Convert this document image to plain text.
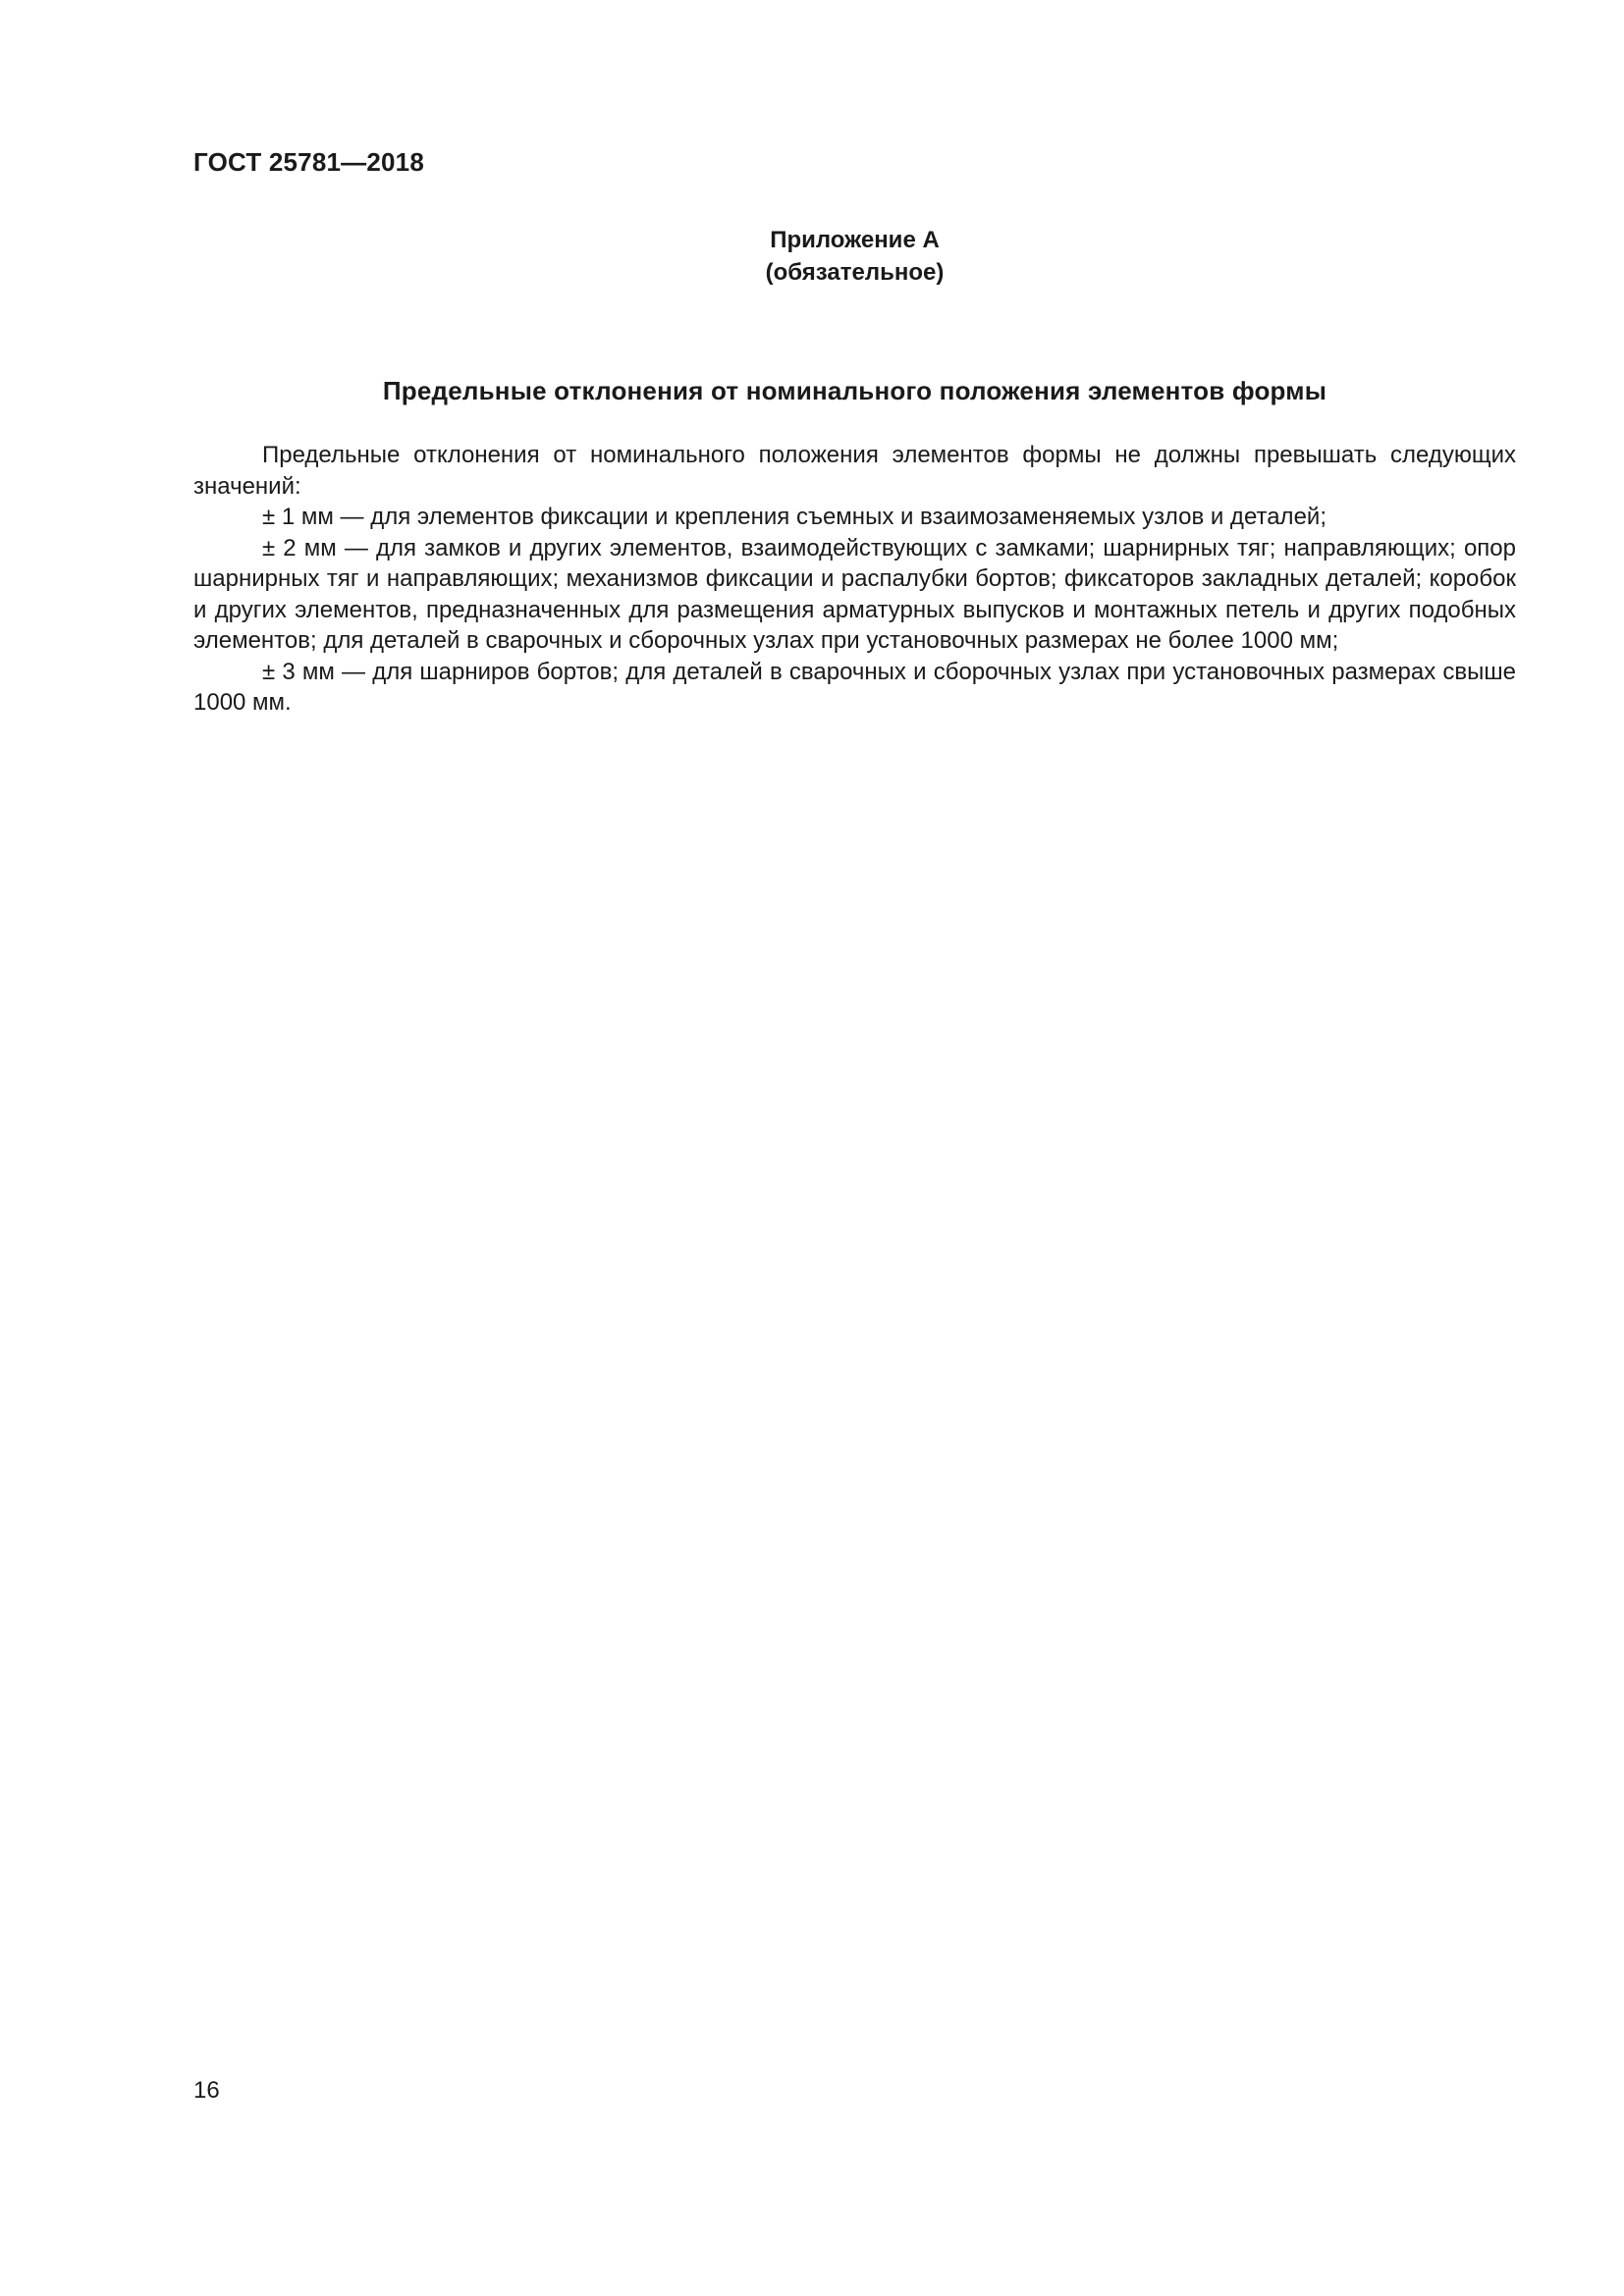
ГОСТ 25781—2018
Приложение А
(обязательное)
Предельные отклонения от номинального положения элементов формы

Предельные отклонения от номинального положения элементов формы не должны превышать следующих значений:

± 1 мм — для элементов фиксации и крепления съемных и взаимозаменяемых узлов и деталей;

± 2 мм — для замков и других элементов, взаимодействующих с замками; шарнирных тяг; направляющих; опор шарнирных тяг и направляющих; механизмов фиксации и распалубки бортов; фиксаторов закладных деталей; коробок и других элементов, предназначенных для размещения арматурных выпусков и монтажных петель и других подобных элементов; для деталей в сварочных и сборочных узлах при установочных размерах не более 1000 мм;

± 3 мм — для шарниров бортов; для деталей в сварочных и сборочных узлах при установочных размерах свыше 1000 мм.

16
